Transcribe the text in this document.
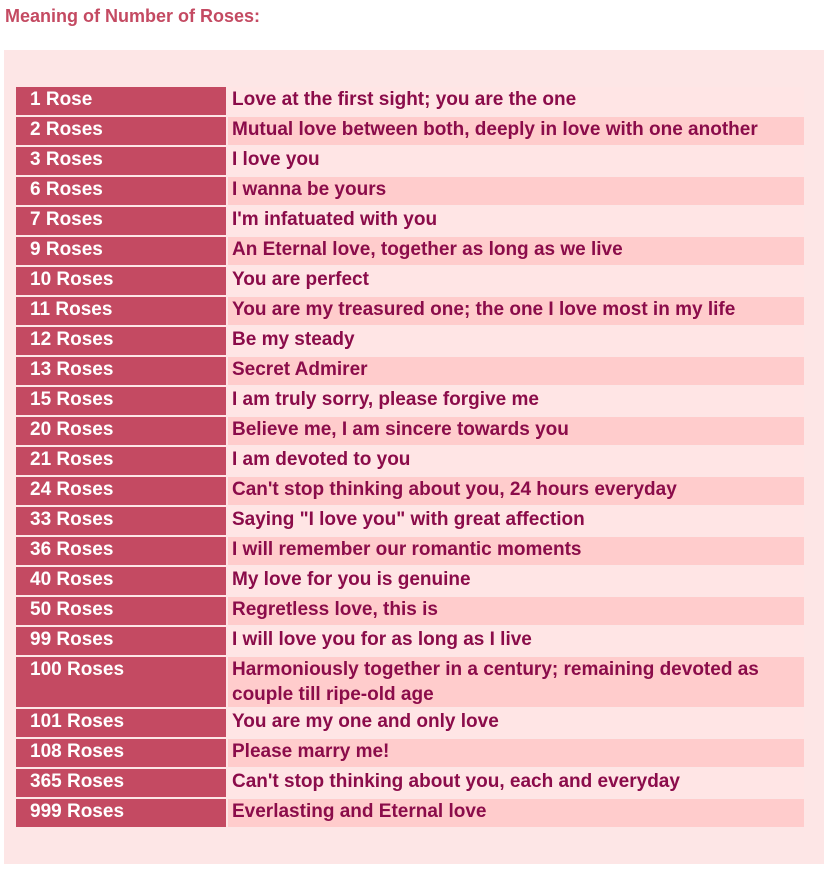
Meaning of Number of Roses:
1 Rose	Love at the first sight; you are the one
2 Roses	Mutual love between both, deeply in love with one another
3 Roses	I love you
6 Roses	I wanna be yours
7 Roses	I'm infatuated with you
9 Roses	An Eternal love, together as long as we live
10 Roses	You are perfect
11 Roses	You are my treasured one; the one I love most in my life
12 Roses	Be my steady
13 Roses	Secret Admirer
15 Roses	I am truly sorry, please forgive me
20 Roses	Believe me, I am sincere towards you
21 Roses	I am devoted to you
24 Roses	Can't stop thinking about you, 24 hours everyday
33 Roses	Saying "I love you" with great affection
36 Roses	I will remember our romantic moments
40 Roses	My love for you is genuine
50 Roses	Regretless love, this is
99 Roses	I will love you for as long as I live
100 Roses	Harmoniously together in a century; remaining devoted as couple till ripe-old age
101 Roses	You are my one and only love
108 Roses	Please marry me!
365 Roses	Can't stop thinking about you, each and everyday
999 Roses	Everlasting and Eternal love
